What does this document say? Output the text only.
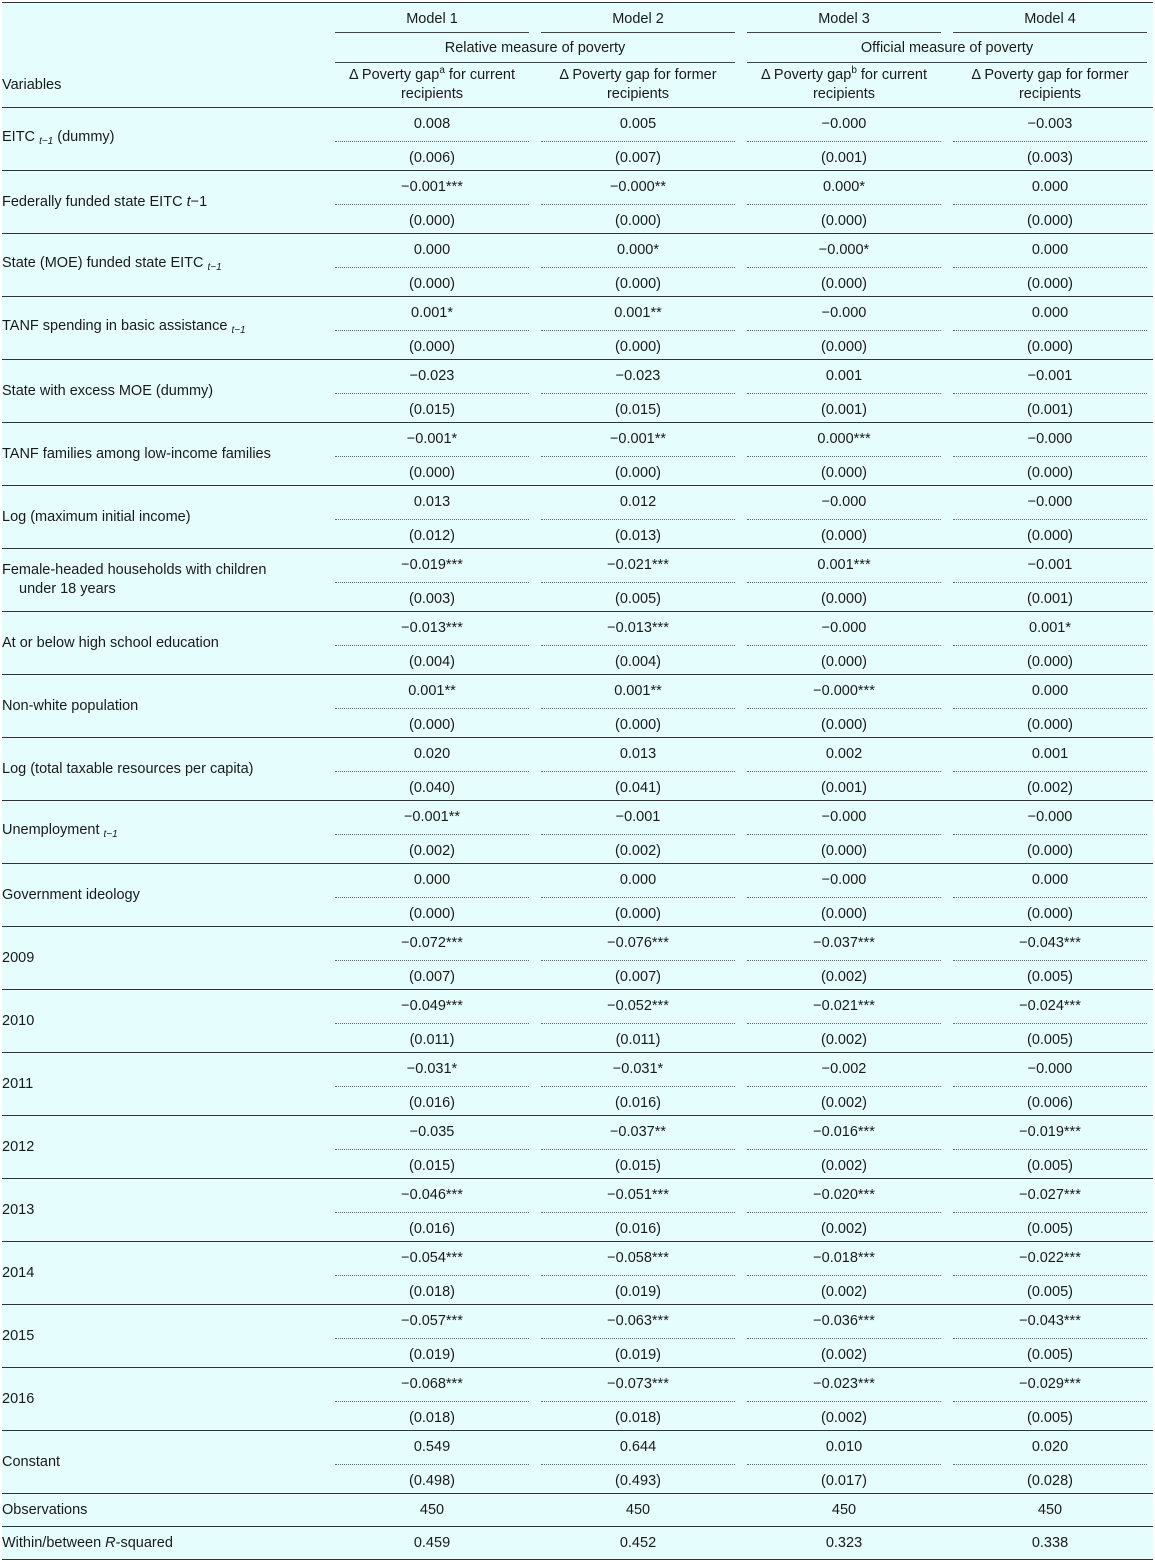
	Model 1	Model 2	Model 3	Model 4

	Relative measure of poverty		Official measure of poverty	

Variables	Δ Poverty gap$^a$ for current recipients	Δ Poverty gap for former recipients	Δ Poverty gap$^b$ for current recipients	Δ Poverty gap for former recipients
EITC $_{t-1}$ (dummy)	0.008	0.005	−0.000	−0.003

	(0.006)	(0.007)	(0.001)	(0.003)

Federally funded state EITC t−1	−0.001***	−0.000**	0.000*	0.000

	(0.000)	(0.000)	(0.000)	(0.000)

State (MOE) funded state EITC $_{t-1}$	0.000	0.000*	−0.000*	0.000

	(0.000)	(0.000)	(0.000)	(0.000)

TANF spending in basic assistance $_{t-1}$	0.001*	0.001**	−0.000	0.000

	(0.000)	(0.000)	(0.000)	(0.000)

State with excess MOE (dummy)	−0.023	−0.023	0.001	−0.001

	(0.015)	(0.015)	(0.001)	(0.001)

TANF families among low-income families	−0.001*	−0.001**	0.000***	−0.000

	(0.000)	(0.000)	(0.000)	(0.000)

Log (maximum initial income)	0.013	0.012	−0.000	−0.000

	(0.012)	(0.013)	(0.000)	(0.000)

Female-headed households with children
under 18 years	−0.019***	−0.021***	0.001***	−0.001

	(0.003)	(0.005)	(0.000)	(0.001)

At or below high school education	−0.013***	−0.013***	−0.000	0.001*

	(0.004)	(0.004)	(0.000)	(0.000)

Non-white population	0.001**	0.001**	−0.000***	0.000

	(0.000)	(0.000)	(0.000)	(0.000)

Log (total taxable resources per capita)	0.020	0.013	0.002	0.001

	(0.040)	(0.041)	(0.001)	(0.002)

Unemployment $_{t-1}$	−0.001**	−0.001	−0.000	−0.000

	(0.002)	(0.002)	(0.000)	(0.000)

Government ideology	0.000	0.000	−0.000	0.000

	(0.000)	(0.000)	(0.000)	(0.000)

2009	−0.072***	−0.076***	−0.037***	−0.043***

	(0.007)	(0.007)	(0.002)	(0.005)

2010	−0.049***	−0.052***	−0.021***	−0.024***

	(0.011)	(0.011)	(0.002)	(0.005)

2011	−0.031*	−0.031*	−0.002	−0.000

	(0.016)	(0.016)	(0.002)	(0.006)

2012	−0.035	−0.037**	−0.016***	−0.019***

	(0.015)	(0.015)	(0.002)	(0.005)

2013	−0.046***	−0.051***	−0.020***	−0.027***

	(0.016)	(0.016)	(0.002)	(0.005)

2014	−0.054***	−0.058***	−0.018***	−0.022***

	(0.018)	(0.019)	(0.002)	(0.005)

2015	−0.057***	−0.063***	−0.036***	−0.043***

	(0.019)	(0.019)	(0.002)	(0.005)

2016	−0.068***	−0.073***	−0.023***	−0.029***

	(0.018)	(0.018)	(0.002)	(0.005)

Constant	0.549	0.644	0.010	0.020

	(0.498)	(0.493)	(0.017)	(0.028)

Observations	450	450	450	450
Within/between R-squared	0.459	0.452	0.323	0.338
